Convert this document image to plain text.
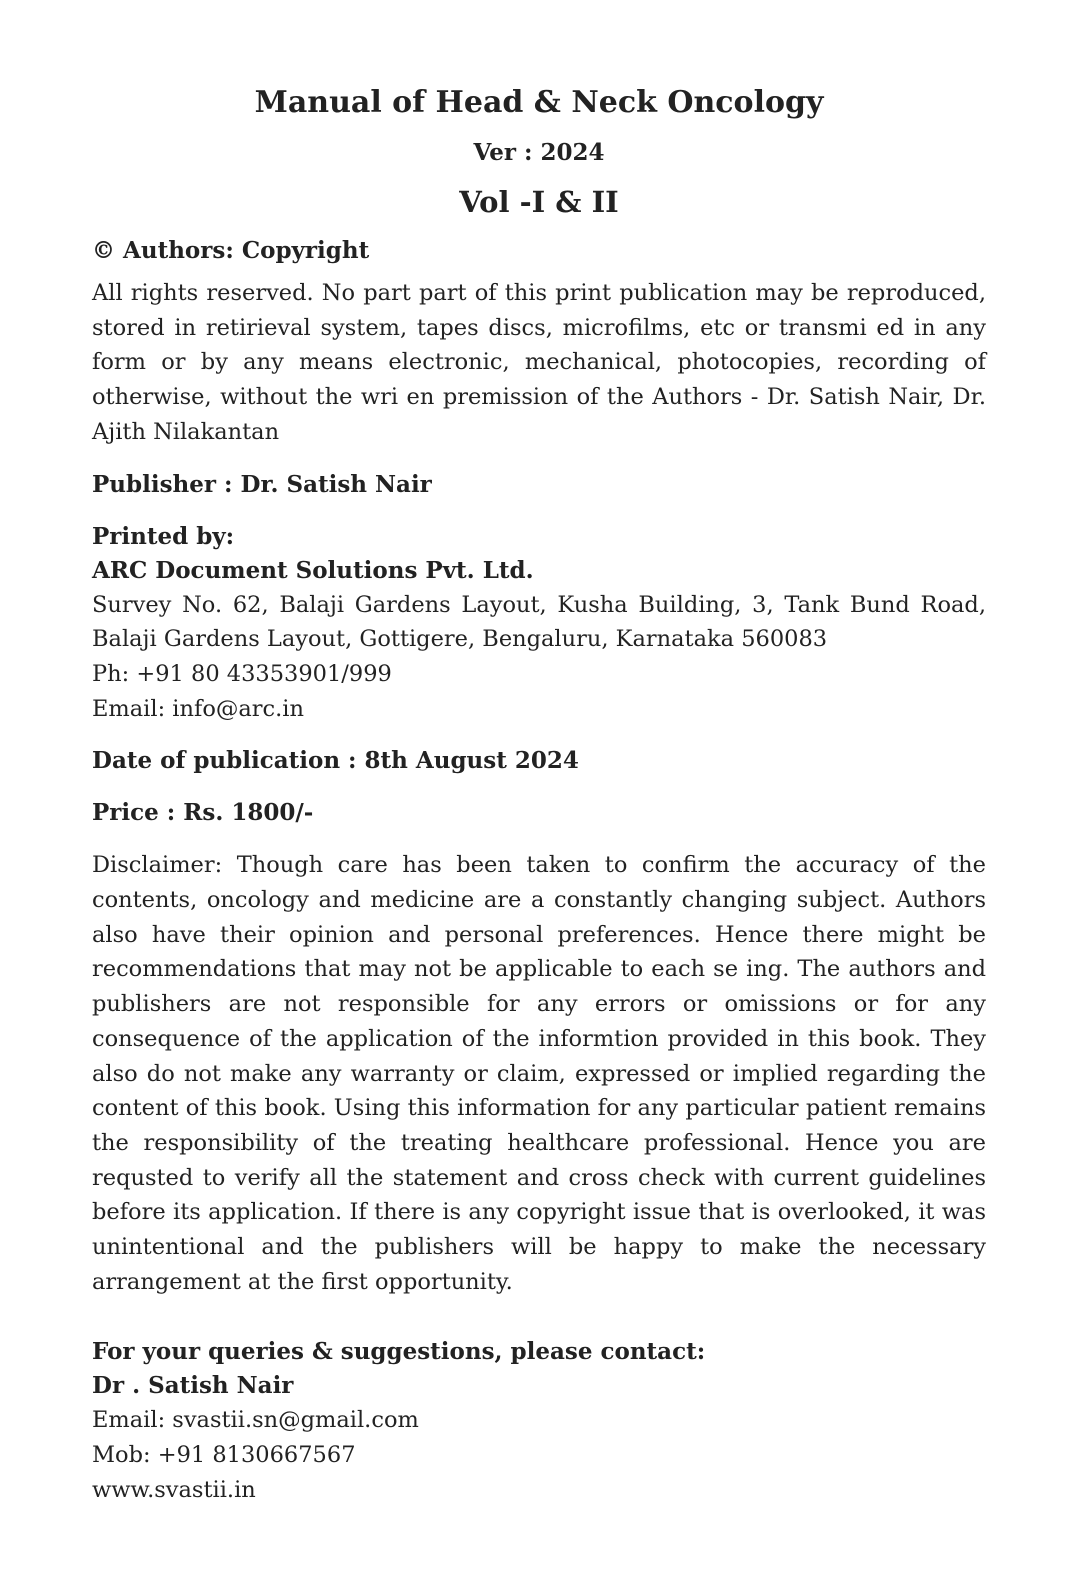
Manual of Head & Neck Oncology
Ver : 2024
Vol -I & II
© Authors: Copyright

All rights reserved. No part part of this print publication may be reproduced, stored in retirieval system, tapes discs, microfilms, etc or transmi ed in any form or by any means electronic, mechanical, photocopies, recording of otherwise, without the wri en premission of the Authors - Dr. Satish Nair, Dr. Ajith Nilakantan

Publisher : Dr. Satish Nair
Printed by:
ARC Document Solutions Pvt. Ltd.

Survey No. 62, Balaji Gardens Layout, Kusha Building, 3, Tank Bund Road, Balaji Gardens Layout, Gottigere, Bengaluru, Karnataka 560083

Ph: +91 80 43353901/999
Email: info@arc.in
Date of publication : 8th August 2024
Price : Rs. 1800/-

Disclaimer: Though care has been taken to confirm the accuracy of the contents, oncology and medicine are a constantly changing subject. Authors also have their opinion and personal preferences. Hence there might be recommendations that may not be applicable to each se ing. The authors and publishers are not responsible for any errors or omissions or for any consequence of the application of the informtion provided in this book. They also do not make any warranty or claim, expressed or implied regarding the content of this book. Using this information for any particular patient remains the responsibility of the treating healthcare professional. Hence you are requsted to verify all the statement and cross check with current guidelines before its application. If there is any copyright issue that is overlooked, it was unintentional and the publishers will be happy to make the necessary arrangement at the first opportunity.

For your queries & suggestions, please contact:
Dr . Satish Nair
Email: svastii.sn@gmail.com
Mob: +91 8130667567
www.svastii.in
